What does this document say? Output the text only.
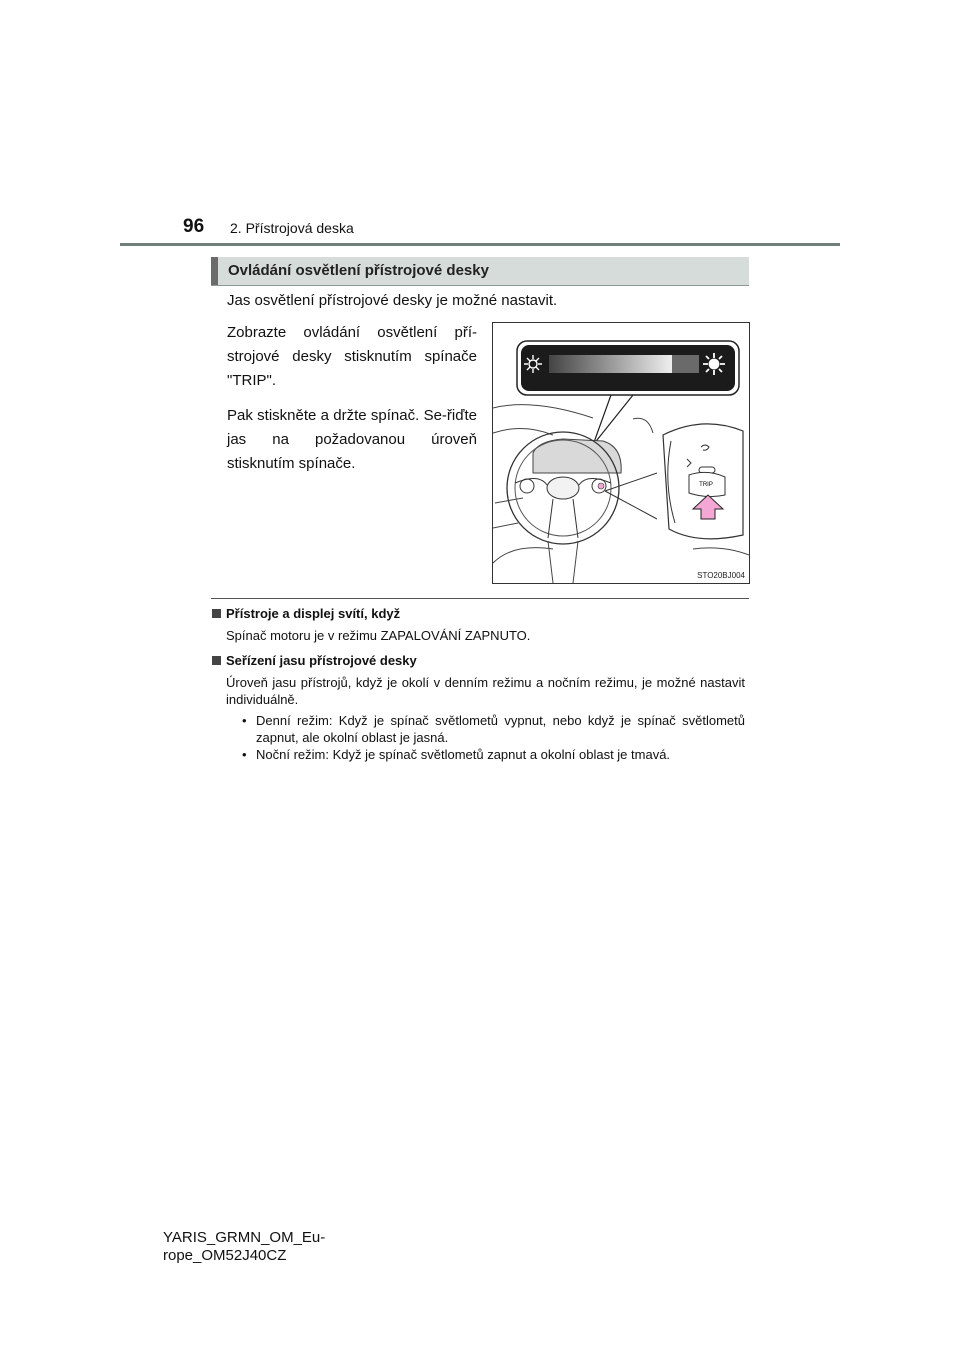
96 2. Přístrojová deska
Ovládání osvětlení přístrojové desky
Jas osvětlení přístrojové desky je možné nastavit.

Zobrazte ovládání osvětlení pří-strojové desky stisknutím spínače "TRIP".

Pak stiskněte a držte spínač. Se-řiďte jas na požadovanou úroveň stisknutím spínače.

TRIP
STO20BJ004
Přístroje a displej svítí, když
Spínač motoru je v režimu ZAPALOVÁNÍ ZAPNUTO.
Seřízení jasu přístrojové desky
Úroveň jasu přístrojů, když je okolí v denním režimu a nočním režimu, je možné nastavit individuálně.
• Denní režim: Když je spínač světlometů vypnut, nebo když je spínač světlometů zapnut, ale okolní oblast je jasná.
• Noční režim: Když je spínač světlometů zapnut a okolní oblast je tmavá.
YARIS_GRMN_OM_Eu-
rope_OM52J40CZ
